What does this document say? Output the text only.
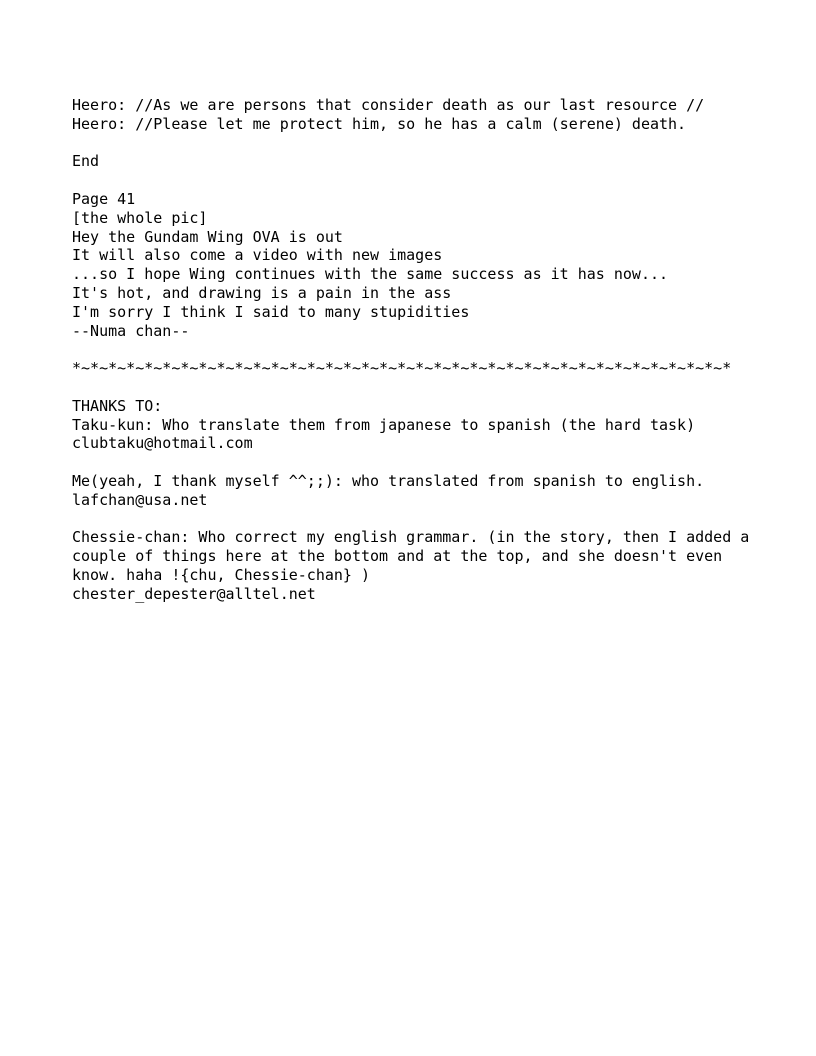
Heero: //As we are persons that consider death as our last resource //
Heero: //Please let me protect him, so he has a calm (serene) death.
End
Page 41
[the whole pic]
Hey the Gundam Wing OVA is out
It will also come a video with new images
...so I hope Wing continues with the same success as it has now...
It's hot, and drawing is a pain in the ass
I'm sorry I think I said to many stupidities
--Numa chan--
*~*~*~*~*~*~*~*~*~*~*~*~*~*~*~*~*~*~*~*~*~*~*~*~*~*~*~*~*~*~*~*~*~*~*~*~*
THANKS TO:
Taku-kun: Who translate them from japanese to spanish (the hard task)
clubtaku@hotmail.com
Me(yeah, I thank myself ^^;;): who translated from spanish to english.
lafchan@usa.net
Chessie-chan: Who correct my english grammar. (in the story, then I added a
couple of things here at the bottom and at the top, and she doesn't even
know. haha !{chu, Chessie-chan} )
chester_depester@alltel.net
